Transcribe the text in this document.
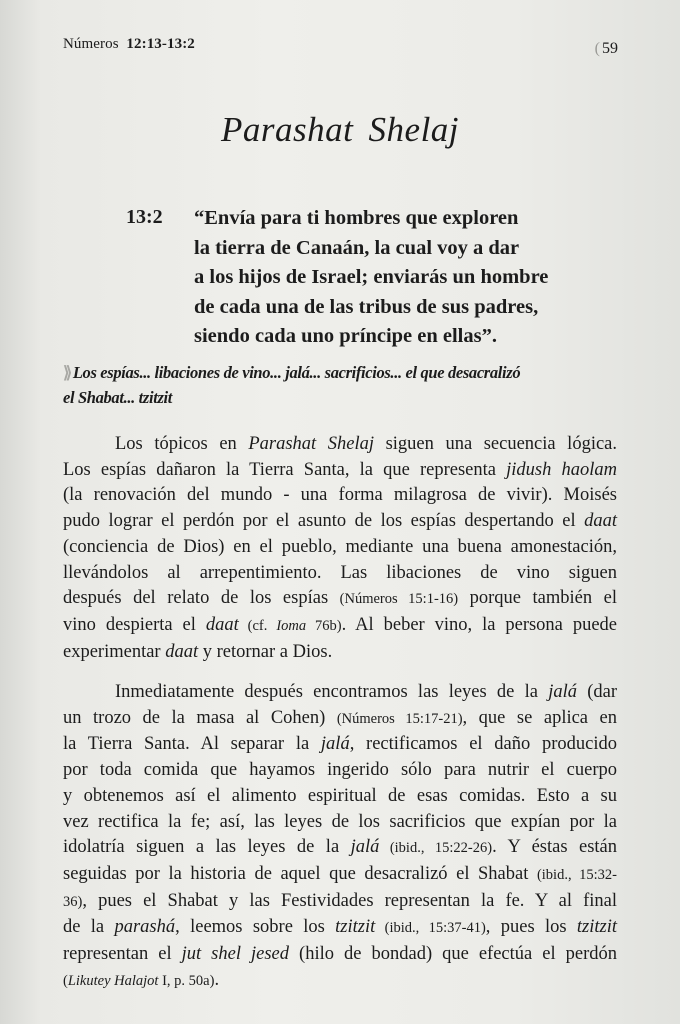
Números 12:13-13:2	( 59
Parashat Shelaj
13:2 “Envía para ti hombres que exploren
la tierra de Canaán, la cual voy a dar
a los hijos de Israel; enviarás un hombre
de cada una de las tribus de sus padres,
siendo cada uno príncipe en ellas”.
⟫Los espías... libaciones de vino... jalá... sacrificios... el que desacralizó
el Shabat... tzitzit
Los tópicos en Parashat Shelaj siguen una secuencia lógica.
Los espías dañaron la Tierra Santa, la que representa jidush haolam
(la renovación del mundo - una forma milagrosa de vivir). Moisés
pudo lograr el perdón por el asunto de los espías despertando el daat
(conciencia de Dios) en el pueblo, mediante una buena amonestación,
llevándolos al arrepentimiento. Las libaciones de vino siguen
después del relato de los espías (Números 15:1-16) porque también el
vino despierta el daat (cf. Ioma 76b). Al beber vino, la persona puede
experimentar daat y retornar a Dios.
Inmediatamente después encontramos las leyes de la jalá (dar
un trozo de la masa al Cohen) (Números 15:17-21), que se aplica en
la Tierra Santa. Al separar la jalá, rectificamos el daño producido
por toda comida que hayamos ingerido sólo para nutrir el cuerpo
y obtenemos así el alimento espiritual de esas comidas. Esto a su
vez rectifica la fe; así, las leyes de los sacrificios que expían por la
idolatría siguen a las leyes de la jalá (ibid., 15:22-26). Y éstas están
seguidas por la historia de aquel que desacralizó el Shabat (ibid., 15:32-
36), pues el Shabat y las Festividades representan la fe. Y al final
de la parashá, leemos sobre los tzitzit (ibid., 15:37-41), pues los tzitzit
representan el jut shel jesed (hilo de bondad) que efectúa el perdón
(Likutey Halajot I, p. 50a).
